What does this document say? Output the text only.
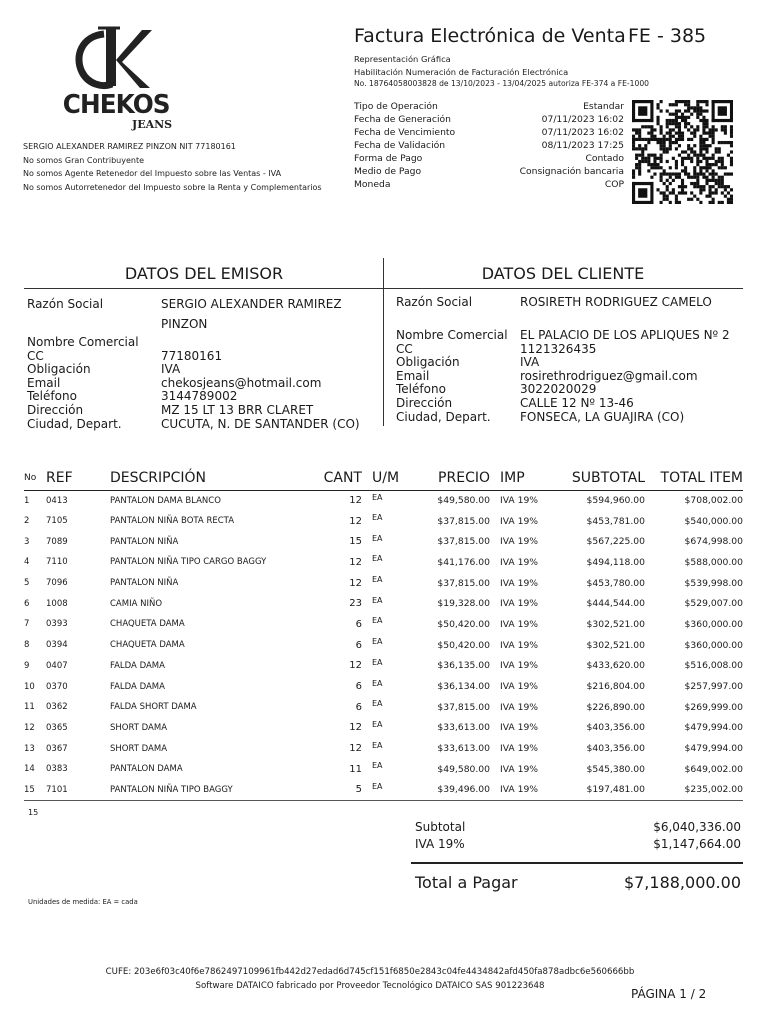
CHEKOS
JEANS
SERGIO ALEXANDER RAMIREZ PINZON NIT 77180161
No somos Gran Contribuyente
No somos Agente Retenedor del Impuesto sobre las Ventas - IVA
No somos Autorretenedor del Impuesto sobre la Renta y Complementarios
Factura Electrónica de Venta FE - 385
Representación Gráfica
Habilitación Numeración de Facturación Electrónica
No. 18764058003828 de 13/10/2023 - 13/04/2025 autoriza FE-374 a FE-1000
Tipo de Operación	Estandar
Fecha de Generación	07/11/2023 16:02
Fecha de Vencimiento	07/11/2023 16:02
Fecha de Validación	08/11/2023 17:25
Forma de Pago	Contado
Medio de Pago	Consignación bancaria
Moneda	COP
DATOS DEL EMISOR	DATOS DEL CLIENTE
Razón Social	SERGIO ALEXANDER RAMIREZ PINZON
Nombre Comercial
CC	77180161
Obligación	IVA
Email	chekosjeans@hotmail.com
Teléfono	3144789002
Dirección	MZ 15 LT 13 BRR CLARET
Ciudad, Depart.	CUCUTA, N. DE SANTANDER (CO)
Razón Social	ROSIRETH RODRIGUEZ CAMELO
Nombre Comercial	EL PALACIO DE LOS APLIQUES Nº 2
CC	1121326435
Obligación	IVA
Email	rosirethrodriguez@gmail.com
Teléfono	3022020029
Dirección	CALLE 12 Nº 13-46
Ciudad, Depart.	FONSECA, LA GUAJIRA (CO)
No	REF	DESCRIPCIÓN	CANT	U/M	PRECIO	IMP	SUBTOTAL	TOTAL ITEM
1	0413	PANTALON DAMA BLANCO	12	EA	$49,580.00	IVA 19%	$594,960.00	$708,002.00
2	7105	PANTALON NIÑA BOTA RECTA	12	EA	$37,815.00	IVA 19%	$453,781.00	$540,000.00
3	7089	PANTALON NIÑA	15	EA	$37,815.00	IVA 19%	$567,225.00	$674,998.00
4	7110	PANTALON NIÑA TIPO CARGO BAGGY	12	EA	$41,176.00	IVA 19%	$494,118.00	$588,000.00
5	7096	PANTALON NIÑA	12	EA	$37,815.00	IVA 19%	$453,780.00	$539,998.00
6	1008	CAMIA NIÑO	23	EA	$19,328.00	IVA 19%	$444,544.00	$529,007.00
7	0393	CHAQUETA DAMA	6	EA	$50,420.00	IVA 19%	$302,521.00	$360,000.00
8	0394	CHAQUETA DAMA	6	EA	$50,420.00	IVA 19%	$302,521.00	$360,000.00
9	0407	FALDA DAMA	12	EA	$36,135.00	IVA 19%	$433,620.00	$516,008.00
10	0370	FALDA DAMA	6	EA	$36,134.00	IVA 19%	$216,804.00	$257,997.00
11	0362	FALDA SHORT DAMA	6	EA	$37,815.00	IVA 19%	$226,890.00	$269,999.00
12	0365	SHORT DAMA	12	EA	$33,613.00	IVA 19%	$403,356.00	$479,994.00
13	0367	SHORT DAMA	12	EA	$33,613.00	IVA 19%	$403,356.00	$479,994.00
14	0383	PANTALON DAMA	11	EA	$49,580.00	IVA 19%	$545,380.00	$649,002.00
15	7101	PANTALON NIÑA TIPO BAGGY	5	EA	$39,496.00	IVA 19%	$197,481.00	$235,002.00
15
Subtotal	$6,040,336.00
IVA 19%	$1,147,664.00
Total a Pagar	$7,188,000.00
Unidades de medida: EA = cada
CUFE: 203e6f03c40f6e7862497109961fb442d27edad6d745cf151f6850e2843c04fe4434842afd450fa878adbc6e560666bb
Software DATAICO fabricado por Proveedor Tecnológico DATAICO SAS 901223648
PÁGINA 1 / 2
